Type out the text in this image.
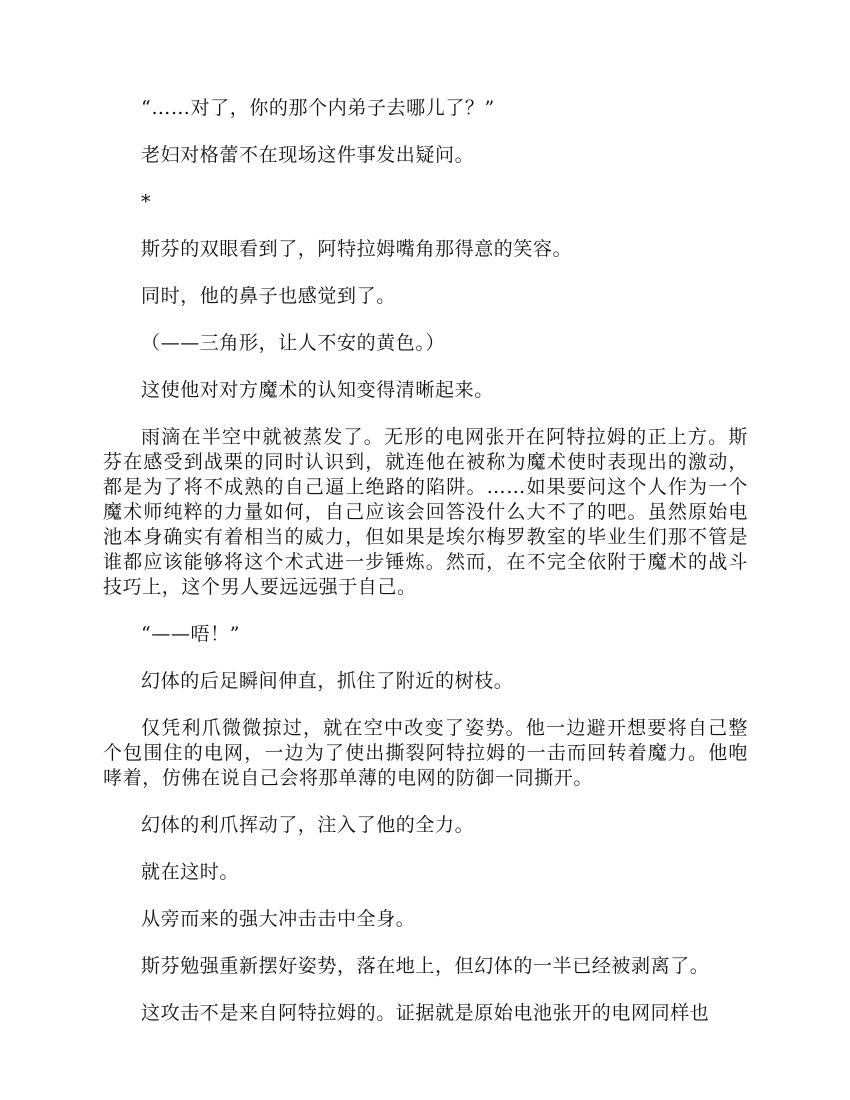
“……对了，你的那个内弟子去哪儿了？”

老妇对格蕾不在现场这件事发出疑问。

*

斯芬的双眼看到了，阿特拉姆嘴角那得意的笑容。

同时，他的鼻子也感觉到了。

（——三角形，让人不安的黄色。）

这使他对对方魔术的认知变得清晰起来。

雨滴在半空中就被蒸发了。无形的电网张开在阿特拉姆的正上方。斯芬在感受到战栗的同时认识到，就连他在被称为魔术使时表现出的激动，都是为了将不成熟的自己逼上绝路的陷阱。……如果要问这个人作为一个魔术师纯粹的力量如何，自己应该会回答没什么大不了的吧。虽然原始电池本身确实有着相当的威力，但如果是埃尔梅罗教室的毕业生们那不管是谁都应该能够将这个术式进一步锤炼。然而，在不完全依附于魔术的战斗技巧上，这个男人要远远强于自己。

“——唔！”

幻体的后足瞬间伸直，抓住了附近的树枝。

仅凭利爪微微掠过，就在空中改变了姿势。他一边避开想要将自己整个包围住的电网，一边为了使出撕裂阿特拉姆的一击而回转着魔力。他咆哮着，仿佛在说自己会将那单薄的电网的防御一同撕开。

幻体的利爪挥动了，注入了他的全力。

就在这时。

从旁而来的强大冲击击中全身。

斯芬勉强重新摆好姿势，落在地上，但幻体的一半已经被剥离了。

这攻击不是来自阿特拉姆的。证据就是原始电池张开的电网同样也
